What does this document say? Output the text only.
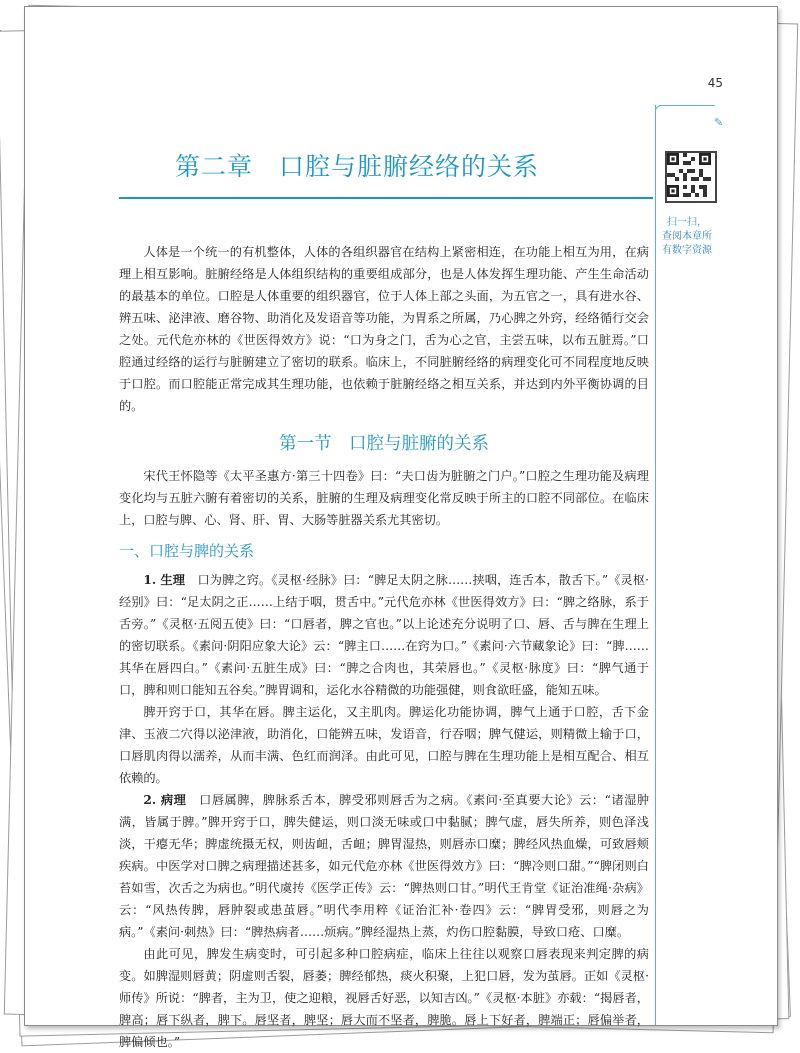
45
✎
扫一扫，
查阅本章所
有数字资源
第二章　口腔与脏腑经络的关系

人体是一个统一的有机整体，人体的各组织器官在结构上紧密相连，在功能上相互为用，在病理上相互影响。脏腑经络是人体组织结构的重要组成部分，也是人体发挥生理功能、产生生命活动的最基本的单位。口腔是人体重要的组织器官，位于人体上部之头面，为五官之一，具有进水谷、辨五味、泌津液、磨谷物、助消化及发语音等功能，为胃系之所属，乃心脾之外窍，经络循行交会之处。元代危亦林的《世医得效方》说：“口为身之门，舌为心之官，主尝五味，以布五脏焉。”口腔通过经络的运行与脏腑建立了密切的联系。临床上，不同脏腑经络的病理变化可不同程度地反映于口腔。而口腔能正常完成其生理功能，也依赖于脏腑经络之相互关系，并达到内外平衡协调的目的。

第一节　口腔与脏腑的关系

宋代王怀隐等《太平圣惠方·第三十四卷》曰：“夫口齿为脏腑之门户。”口腔之生理功能及病理变化均与五脏六腑有着密切的关系，脏腑的生理及病理变化常反映于所主的口腔不同部位。在临床上，口腔与脾、心、肾、肝、胃、大肠等脏器关系尤其密切。

一、口腔与脾的关系

1. 生理　 口为脾之窍。《灵枢·经脉》曰：“脾足太阴之脉……挟咽，连舌本，散舌下。”《灵枢·经别》曰：“足太阴之正……上结于咽，贯舌中。”元代危亦林《世医得效方》曰：“脾之络脉，系于舌旁。”《灵枢·五阅五使》曰：“口唇者，脾之官也。”以上论述充分说明了口、唇、舌与脾在生理上的密切联系。《素问·阴阳应象大论》云：“脾主口……在窍为口。”《素问·六节藏象论》曰：“脾……其华在唇四白。”《素问·五脏生成》曰：“脾之合肉也，其荣唇也。”《灵枢·脉度》曰：“脾气通于口，脾和则口能知五谷矣。”脾胃调和，运化水谷精微的功能强健，则食欲旺盛，能知五味。

脾开窍于口，其华在唇。脾主运化，又主肌肉。脾运化功能协调，脾气上通于口腔，舌下金津、玉液二穴得以泌津液，助消化，口能辨五味，发语音，行吞咽；脾气健运，则精微上输于口，口唇肌肉得以濡养，从而丰满、色红而润泽。由此可见，口腔与脾在生理功能上是相互配合、相互依赖的。

2. 病理　 口唇属脾，脾脉系舌本，脾受邪则唇舌为之病。《素问·至真要大论》云：“诸湿肿满，皆属于脾。”脾开窍于口，脾失健运，则口淡无味或口中黏腻；脾气虚，唇失所养，则色泽浅淡，干瘪无华；脾虚统摄无权，则齿衄，舌衄；脾胃湿热，则唇赤口糜；脾经风热血燥，可致唇颊疾病。中医学对口脾之病理描述甚多，如元代危亦林《世医得效方》曰：“脾冷则口甜。”“脾闭则白苔如雪，次舌之为病也。”明代虞抟《医学正传》云：“脾热则口甘。”明代王肯堂《证治准绳·杂病》云：“风热传脾，唇肿裂或患茧唇。”明代李用粹《证治汇补·卷四》云：“脾胃受邪，则唇之为病。”《素问·刺热》曰：“脾热病者……烦病。”脾经湿热上蒸，灼伤口腔黏膜，导致口疮、口糜。

由此可见，脾发生病变时，可引起多种口腔病症，临床上往往以观察口唇表现来判定脾的病变。如脾湿则唇黄；阴虚则舌裂，唇萎；脾经郁热，痰火积聚，上犯口唇，发为茧唇。正如《灵枢·师传》所说：“脾者，主为卫，使之迎粮，视唇舌好恶，以知吉凶。”《灵枢·本脏》亦载：“揭唇者，脾高；唇下纵者，脾下。唇坚者，脾坚；唇大而不坚者，脾脆。唇上下好者，脾端正；唇偏举者，脾偏倾也。”
